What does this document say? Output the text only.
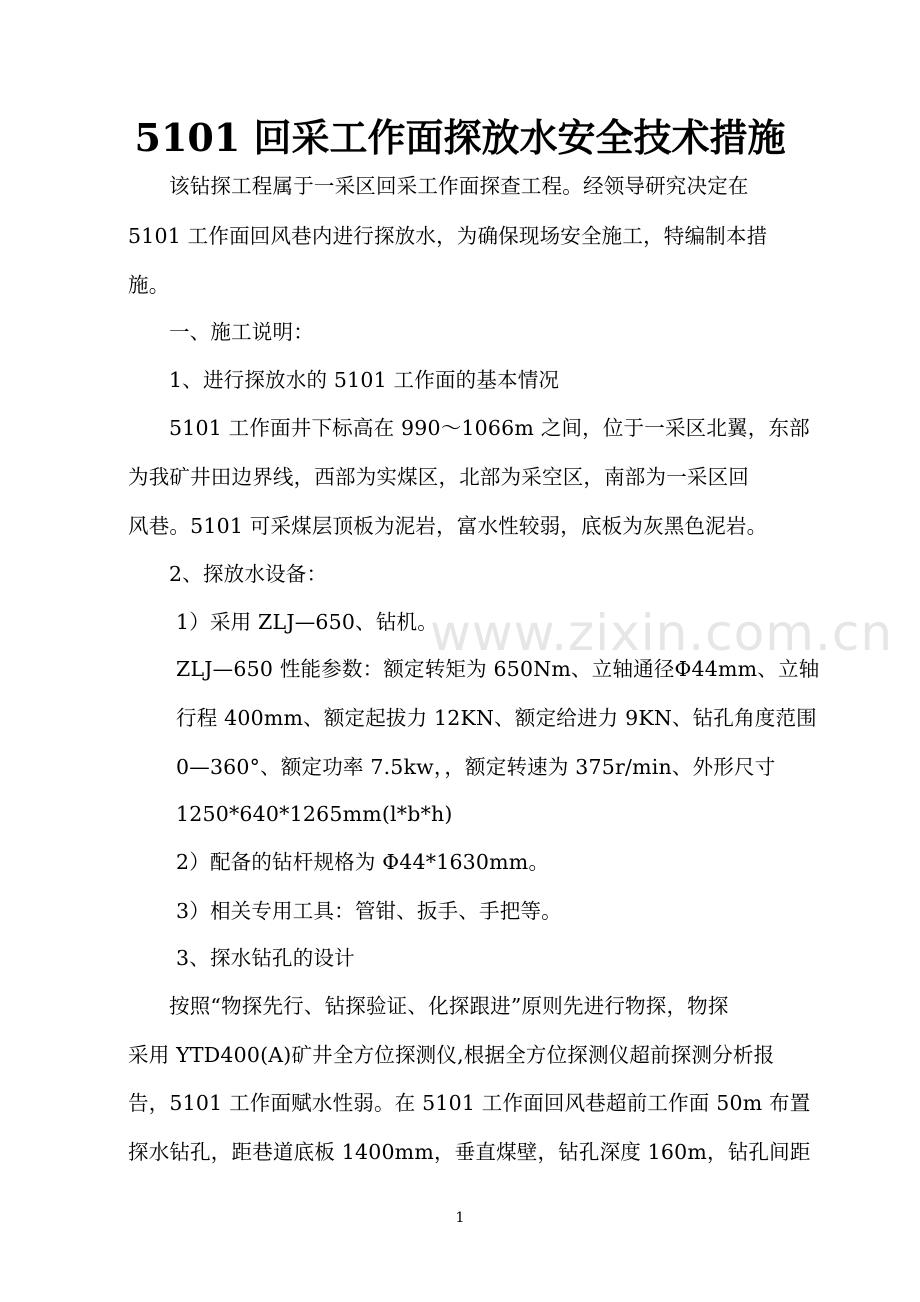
5101 回采工作面探放水安全技术措施

该钻探工程属于一采区回采工作面探查工程。经领导研究决定在

5101 工作面回风巷内进行探放水，为确保现场安全施工，特编制本措

施。

一、施工说明：

1、进行探放水的 5101 工作面的基本情况

5101 工作面井下标高在 990～1066m 之间，位于一采区北翼，东部

为我矿井田边界线，西部为实煤区，北部为采空区，南部为一采区回

风巷。5101 可采煤层顶板为泥岩，富水性较弱，底板为灰黑色泥岩。

2、探放水设备：

1）采用 ZLJ—650、钻机。

ZLJ—650 性能参数：额定转矩为 650Nm、立轴通径Φ44mm、立轴

行程 400mm、额定起拔力 12KN、额定给进力 9KN、钻孔角度范围

0—360°、额定功率 7.5kw，，额定转速为 375r/min、外形尺寸

1250*640*1265mm(l*b*h)

2）配备的钻杆规格为 Φ44*1630mm。

3）相关专用工具：管钳、扳手、手把等。

3、探水钻孔的设计

按照“物探先行、钻探验证、化探跟进”原则先进行物探，物探

采用 YTD400(A)矿井全方位探测仪,根据全方位探测仪超前探测分析报

告，5101 工作面赋水性弱。在 5101 工作面回风巷超前工作面 50m 布置

探水钻孔，距巷道底板 1400mm，垂直煤壁，钻孔深度 160m，钻孔间距

www.zixin.com.cn
1
